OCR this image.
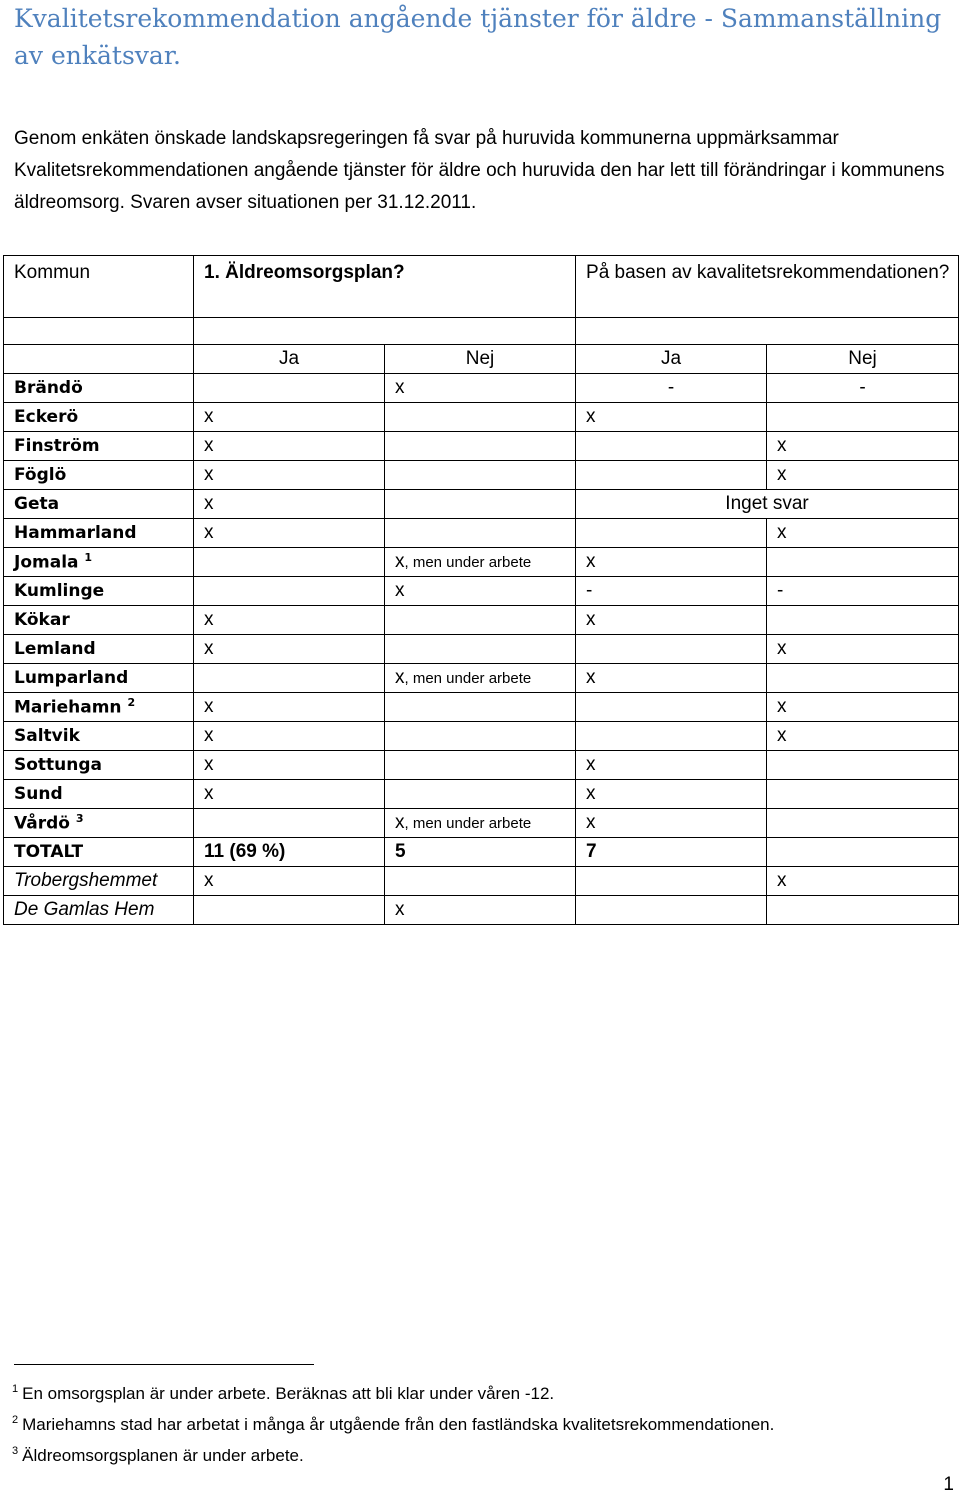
Kvalitetsrekommendation angående tjänster för äldre - Sammanställning av enkätsvar.
Genom enkäten önskade landskapsregeringen få svar på huruvida kommunerna uppmärksammar Kvalitetsrekommendationen angående tjänster för äldre och huruvida den har lett till förändringar i kommunens äldreomsorg. Svaren avser situationen per 31.12.2011.
Kommun	1. Äldreomsorgsplan?		På basen av kavalitetsrekommendationen?	

	Ja	Nej	Ja	Nej
Brändö		x	-	-
Eckerö	x		x	
Finström	x			x
Föglö	x			x
Geta	x		Inget svar	
Hammarland	x			x
Jomala $^1$		x, men under arbete	x	
Kumlinge		x	-	-
Kökar	x		x	
Lemland	x			x
Lumparland		x, men under arbete	x	
Mariehamn $^2$	x			x
Saltvik	x			x
Sottunga	x		x	
Sund	x		x	
Vårdö $^3$		x, men under arbete	x	
TOTALT	11 (69 %)	5	7	
Trobergshemmet	x			x
De Gamlas Hem		x		
$^1$ En omsorgsplan är under arbete. Beräknas att bli klar under våren -12.
$^2$ Mariehamns stad har arbetat i många år utgående från den fastländska kvalitetsrekommendationen.
$^3$ Äldreomsorgsplanen är under arbete.
1
